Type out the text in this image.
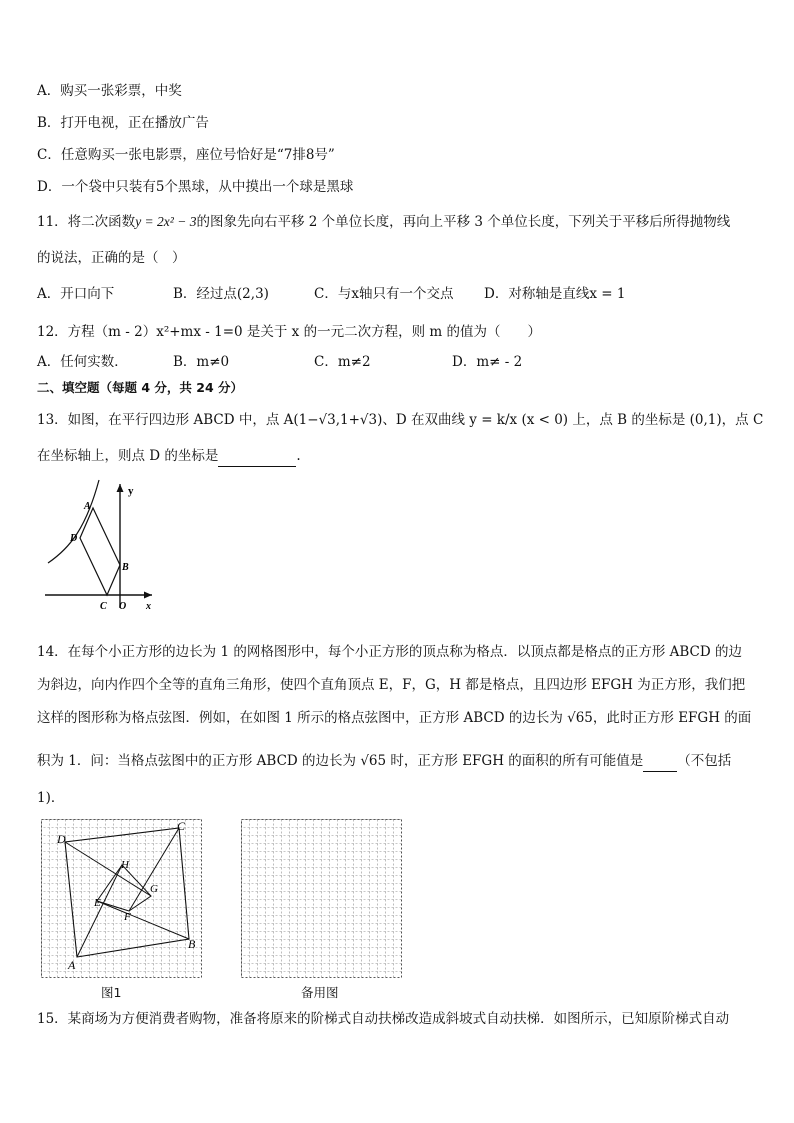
A．购买一张彩票，中奖
B．打开电视，正在播放广告
C．任意购买一张电影票，座位号恰好是“7排8号”
D．一个袋中只装有5个黑球，从中摸出一个球是黑球
11．将二次函数y = 2x² − 3的图象先向右平移 2 个单位长度，再向上平移 3 个单位长度，下列关于平移后所得抛物线
的说法，正确的是（　）
A．开口向下	B．经过点(2,3)	C．与x轴只有一个交点 D．对称轴是直线x = 1
12．方程（m - 2）x²+mx - 1=0 是关于 x 的一元二次方程，则 m 的值为（　　）
A．任何实数．	B．m≠0	C．m≠2	D．m≠ - 2
二、填空题（每题 4 分，共 24 分）
13．如图，在平行四边形 ABCD 中，点 A(1−√3,1+√3)、D 在双曲线 y = k/x (x < 0) 上，点 B 的坐标是 (0,1)，点 C
在坐标轴上，则点 D 的坐标是	.
A
D
B
C O x
y
14．在每个小正方形的边长为 1 的网格图形中，每个小正方形的顶点称为格点．以顶点都是格点的正方形 ABCD 的边
为斜边，向内作四个全等的直角三角形，使四个直角顶点 E，F，G，H 都是格点，且四边形 EFGH 为正方形，我们把
这样的图形称为格点弦图．例如，在如图 1 所示的格点弦图中，正方形 ABCD 的边长为 √65，此时正方形 EFGH 的面
积为 1．问：当格点弦图中的正方形 ABCD 的边长为 √65 时，正方形 EFGH 的面积的所有可能值是	（不包括
1)．
A
B
C
D
E
F
G
H
图1	备用图
15．某商场为方便消费者购物，准备将原来的阶梯式自动扶梯改造成斜坡式自动扶梯．如图所示，已知原阶梯式自动
